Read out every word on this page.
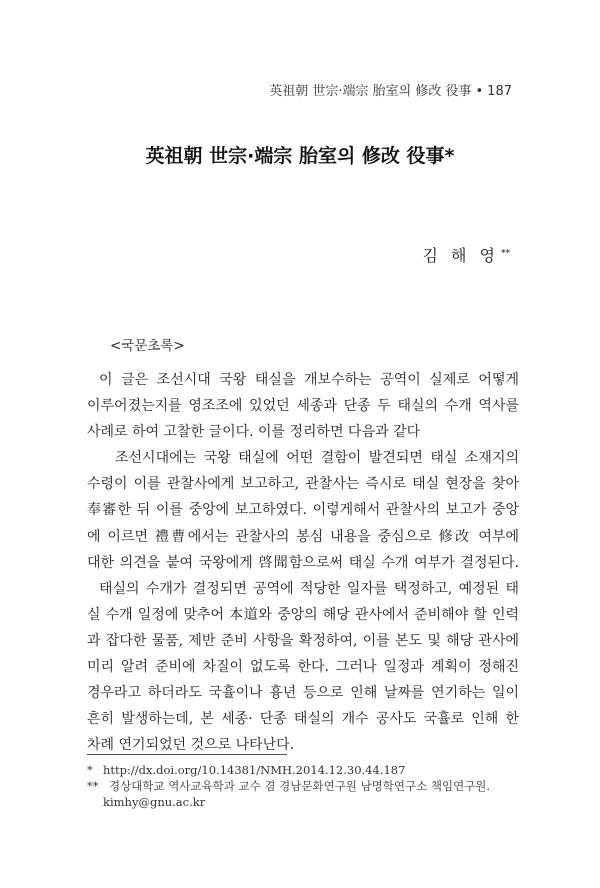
英祖朝 世宗·端宗 胎室의 修改 役事 • 187
英祖朝 世宗·端宗 胎室의 修改 役事*
김 해 영 **
<국문초록>
이 글은 조선시대 국왕 태실을 개보수하는 공역이 실제로 어떻게
이루어졌는지를 영조조에 있었던 세종과 단종 두 태실의 수개 역사를
사례로 하여 고찰한 글이다. 이를 정리하면 다음과 같다
조선시대에는 국왕 태실에 어떤 결함이 발견되면 태실 소재지의
수령이 이를 관찰사에게 보고하고, 관찰사는 즉시로 태실 현장을 찾아
奉審한 뒤 이를 중앙에 보고하였다. 이렇게해서 관찰사의 보고가 중앙
에 이르면 禮曹에서는 관찰사의 봉심 내용을 중심으로 修改 여부에
대한 의견을 붙여 국왕에게 啓聞함으로써 태실 수개 여부가 결정된다.
태실의 수개가 결정되면 공역에 적당한 일자를 택정하고, 예정된 태
실 수개 일정에 맞추어 本道와 중앙의 해당 관사에서 준비해야 할 인력
과 잡다한 물품, 제반 준비 사항을 확정하여, 이를 본도 및 해당 관사에
미리 알려 준비에 차질이 없도록 한다. 그러나 일정과 계획이 정해진
경우라고 하더라도 국휼이나 흉년 등으로 인해 날짜를 연기하는 일이
흔히 발생하는데, 본 세종· 단종 태실의 개수 공사도 국휼로 인해 한
차례 연기되었던 것으로 나타난다.
* http://dx.doi.org/10.14381/NMH.2014.12.30.44.187
** 경상대학교 역사교육학과 교수 겸 경남문화연구원 남명학연구소 책임연구원.
kimhy@gnu.ac.kr
